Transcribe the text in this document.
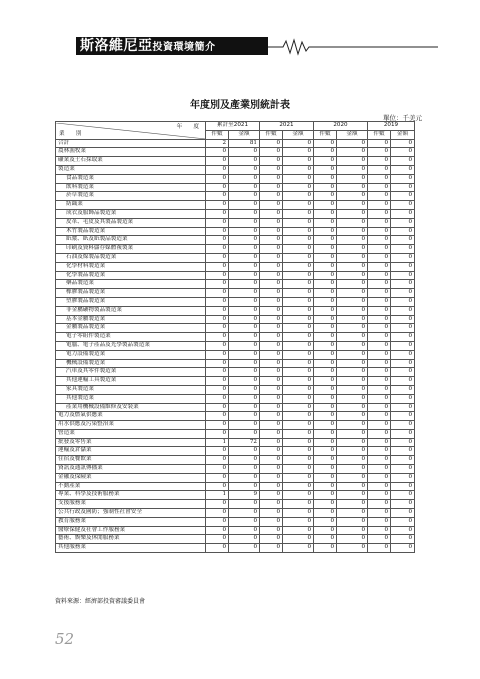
斯洛維尼亞投資環境簡介
年度別及產業別統計表
單位：千美元
年　　度
業　　別	累計至2021		2021		2020		2019	
	件數	金額	件數	金額	件數	金額	件數	金額
合計	2	81	0	0	0	0	0	0
農林漁牧業	0	0	0	0	0	0	0	0
礦業及土石採取業	0	0	0	0	0	0	0	0
製造業	0	0	0	0	0	0	0	0
食品製造業	0	0	0	0	0	0	0	0
飲料製造業	0	0	0	0	0	0	0	0
菸草製造業	0	0	0	0	0	0	0	0
紡織業	0	0	0	0	0	0	0	0
成衣及服飾品製造業	0	0	0	0	0	0	0	0
皮革、毛皮及其製品製造業	0	0	0	0	0	0	0	0
木竹製品製造業	0	0	0	0	0	0	0	0
紙漿、紙及紙製品製造業	0	0	0	0	0	0	0	0
印刷及資料儲存媒體複製業	0	0	0	0	0	0	0	0
石油及煤製品製造業	0	0	0	0	0	0	0	0
化學材料製造業	0	0	0	0	0	0	0	0
化學製品製造業	0	0	0	0	0	0	0	0
藥品製造業	0	0	0	0	0	0	0	0
橡膠製品製造業	0	0	0	0	0	0	0	0
塑膠製品製造業	0	0	0	0	0	0	0	0
非金屬礦物製品製造業	0	0	0	0	0	0	0	0
基本金屬製造業	0	0	0	0	0	0	0	0
金屬製品製造業	0	0	0	0	0	0	0	0
電子零組件製造業	0	0	0	0	0	0	0	0
電腦、電子產品及光學製品製造業	0	0	0	0	0	0	0	0
電力設備製造業	0	0	0	0	0	0	0	0
機械設備製造業	0	0	0	0	0	0	0	0
汽車及其零件製造業	0	0	0	0	0	0	0	0
其他運輸工具製造業	0	0	0	0	0	0	0	0
家具製造業	0	0	0	0	0	0	0	0
其他製造業	0	0	0	0	0	0	0	0
產業用機械設備維修及安裝業	0	0	0	0	0	0	0	0
電力及燃氣供應業	0	0	0	0	0	0	0	0
用水供應及污染整治業	0	0	0	0	0	0	0	0
營造業	0	0	0	0	0	0	0	0
批發及零售業	1	72	0	0	0	0	0	0
運輸及倉儲業	0	0	0	0	0	0	0	0
住宿及餐飲業	0	0	0	0	0	0	0	0
資訊及通訊傳播業	0	0	0	0	0	0	0	0
金融及保險業	0	0	0	0	0	0	0	0
不動產業	0	0	0	0	0	0	0	0
專業、科學及技術服務業	1	9	0	0	0	0	0	0
支援服務業	0	0	0	0	0	0	0	0
公共行政及國防；強制性社會安全	0	0	0	0	0	0	0	0
教育服務業	0	0	0	0	0	0	0	0
醫療保健及社會工作服務業	0	0	0	0	0	0	0	0
藝術、娛樂及休閒服務業	0	0	0	0	0	0	0	0
其他服務業	0	0	0	0	0	0	0	0
資料來源：經濟部投資審議委員會
52
